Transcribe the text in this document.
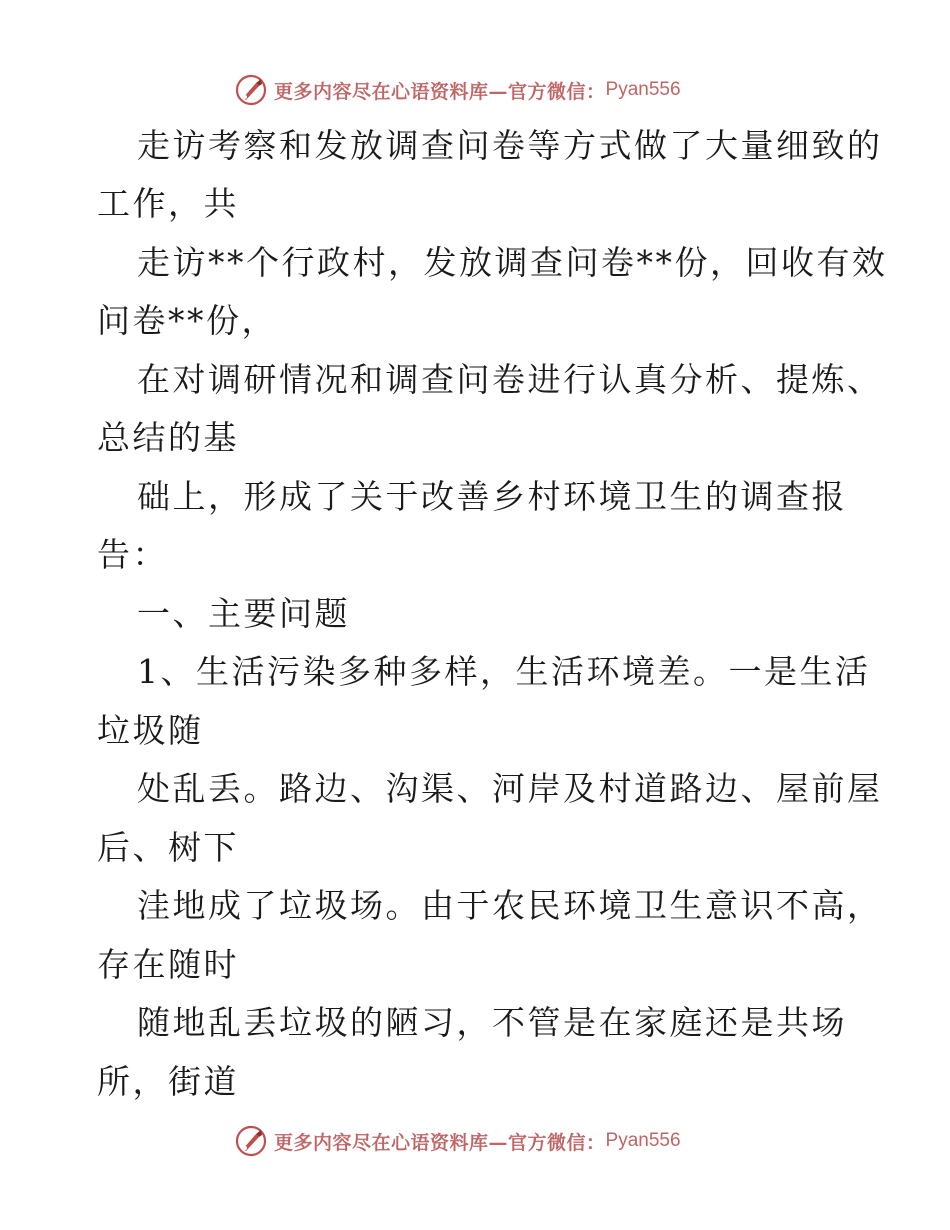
更多内容尽在心语资料库—官方微信： Pyan556
走访考察和发放调查问卷等方式做了大量细致的
工作，共
走访**个行政村，发放调查问卷**份，回收有效
问卷**份，
在对调研情况和调查问卷进行认真分析、提炼、
总结的基
础上，形成了关于改善乡村环境卫生的调查报
告：
一、主要问题
1、生活污染多种多样，生活环境差。一是生活
垃圾随
处乱丢。路边、沟渠、河岸及村道路边、屋前屋
后、树下
洼地成了垃圾场。由于农民环境卫生意识不高，
存在随时
随地乱丢垃圾的陋习，不管是在家庭还是共场
所，街道
更多内容尽在心语资料库—官方微信： Pyan556
